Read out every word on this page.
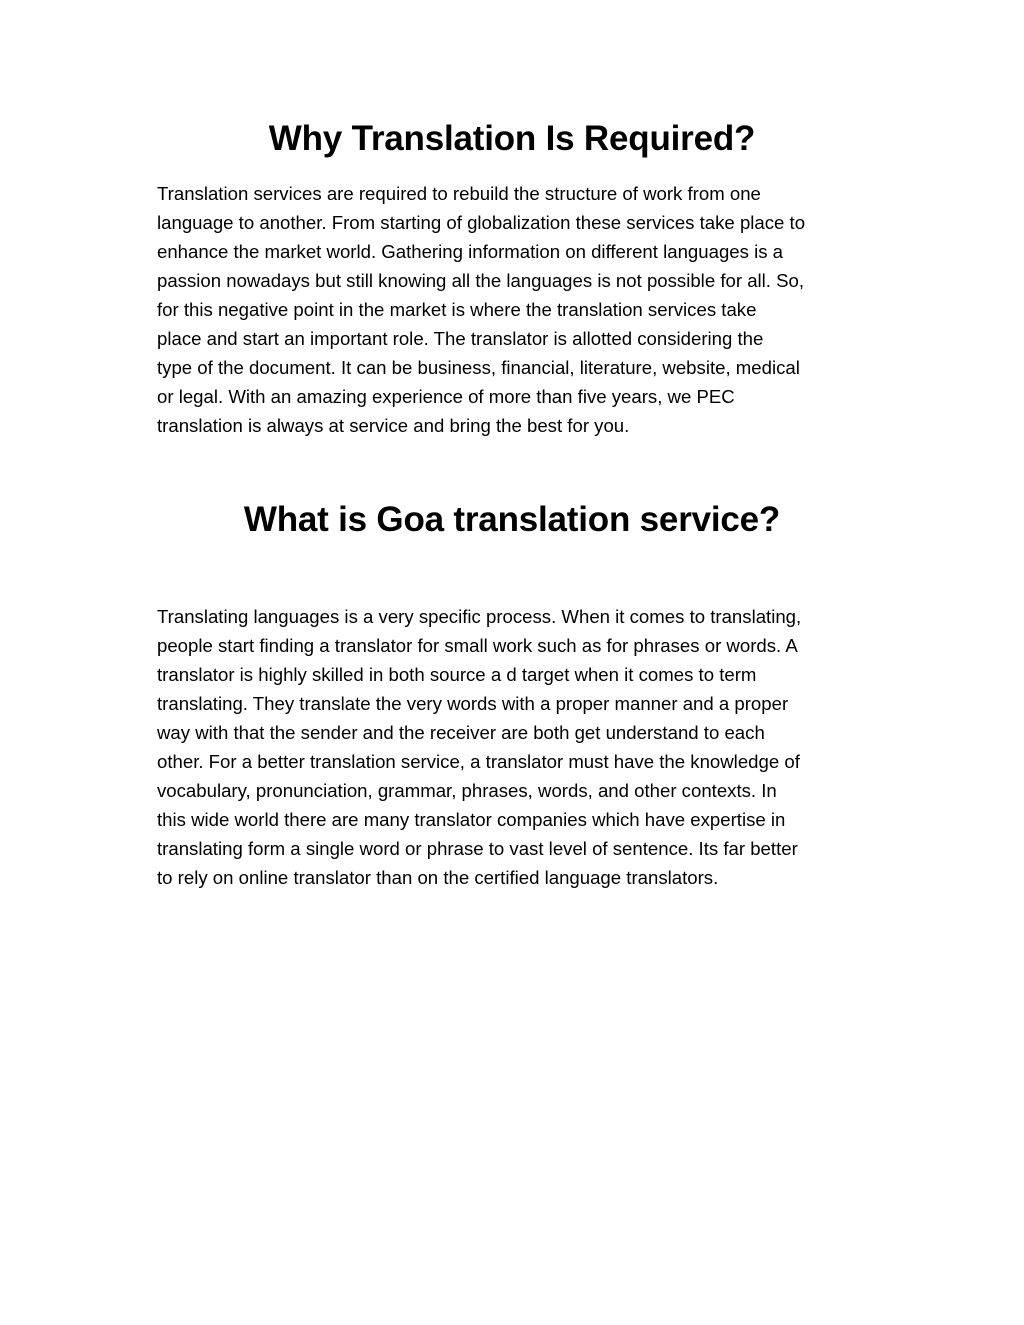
Why Translation Is Required?
Translation services are required to rebuild the structure of work from one
language to another. From starting of globalization these services take place to
enhance the market world. Gathering information on different languages is a
passion nowadays but still knowing all the languages is not possible for all. So,
for this negative point in the market is where the translation services take
place and start an important role. The translator is allotted considering the
type of the document. It can be business, financial, literature, website, medical
or legal. With an amazing experience of more than five years, we PEC
translation is always at service and bring the best for you.
What is Goa translation service?
Translating languages is a very specific process. When it comes to translating,
people start finding a translator for small work such as for phrases or words. A
translator is highly skilled in both source a d target when it comes to term
translating. They translate the very words with a proper manner and a proper
way with that the sender and the receiver are both get understand to each
other. For a better translation service, a translator must have the knowledge of
vocabulary, pronunciation, grammar, phrases, words, and other contexts. In
this wide world there are many translator companies which have expertise in
translating form a single word or phrase to vast level of sentence. Its far better
to rely on online translator than on the certified language translators.
